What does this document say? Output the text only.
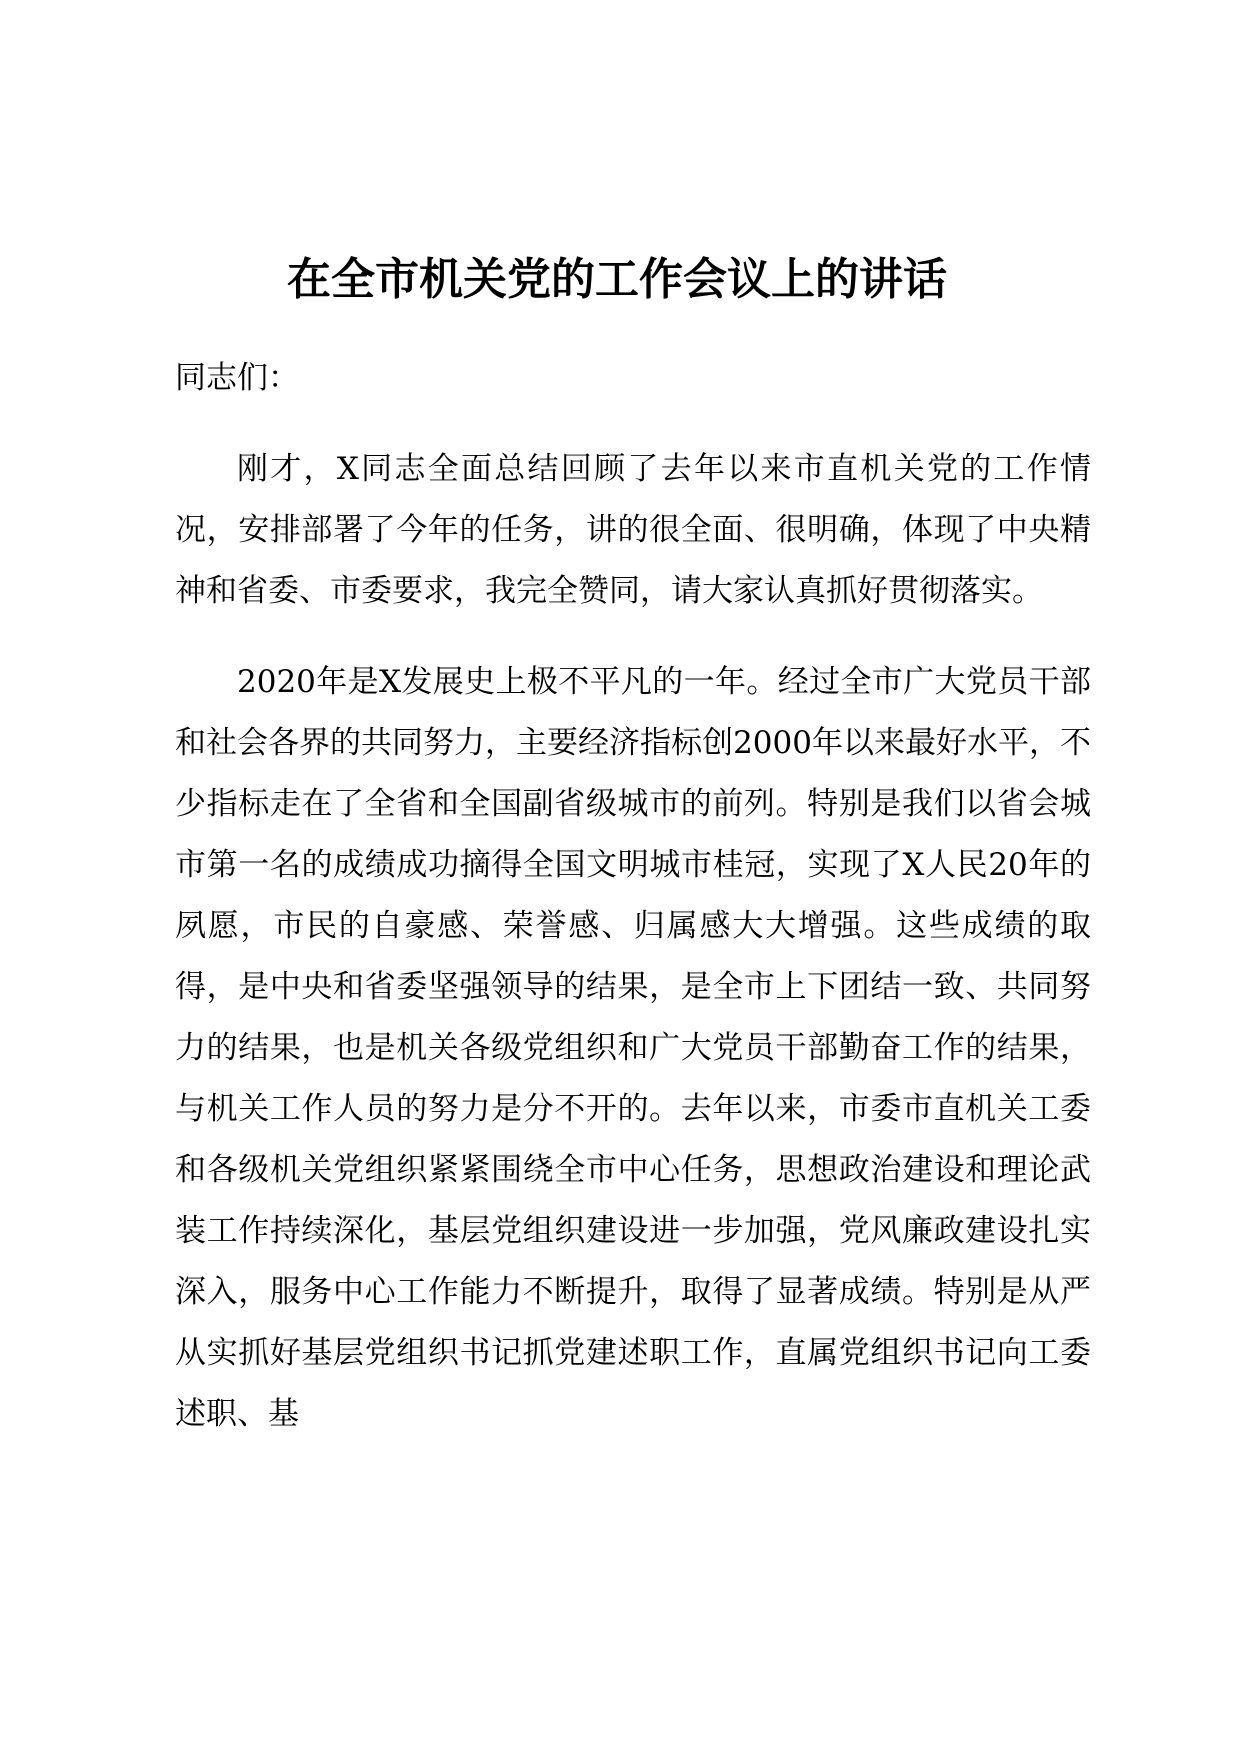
在全市机关党的工作会议上的讲话

同志们：

刚才，X同志全面总结回顾了去年以来市直机关党的工作情况，安排部署了今年的任务，讲的很全面、很明确，体现了中央精神和省委、市委要求，我完全赞同，请大家认真抓好贯彻落实。

2020年是X发展史上极不平凡的一年。经过全市广大党员干部和社会各界的共同努力，主要经济指标创2000年以来最好水平，不少指标走在了全省和全国副省级城市的前列。特别是我们以省会城市第一名的成绩成功摘得全国文明城市桂冠，实现了X人民20年的夙愿，市民的自豪感、荣誉感、归属感大大增强。这些成绩的取得，是中央和省委坚强领导的结果，是全市上下团结一致、共同努力的结果，也是机关各级党组织和广大党员干部勤奋工作的结果，与机关工作人员的努力是分不开的。去年以来，市委市直机关工委和各级机关党组织紧紧围绕全市中心任务，思想政治建设和理论武装工作持续深化，基层党组织建设进一步加强，党风廉政建设扎实深入，服务中心工作能力不断提升，取得了显著成绩。特别是从严从实抓好基层党组织书记抓党建述职工作，直属党组织书记向工委述职、基
